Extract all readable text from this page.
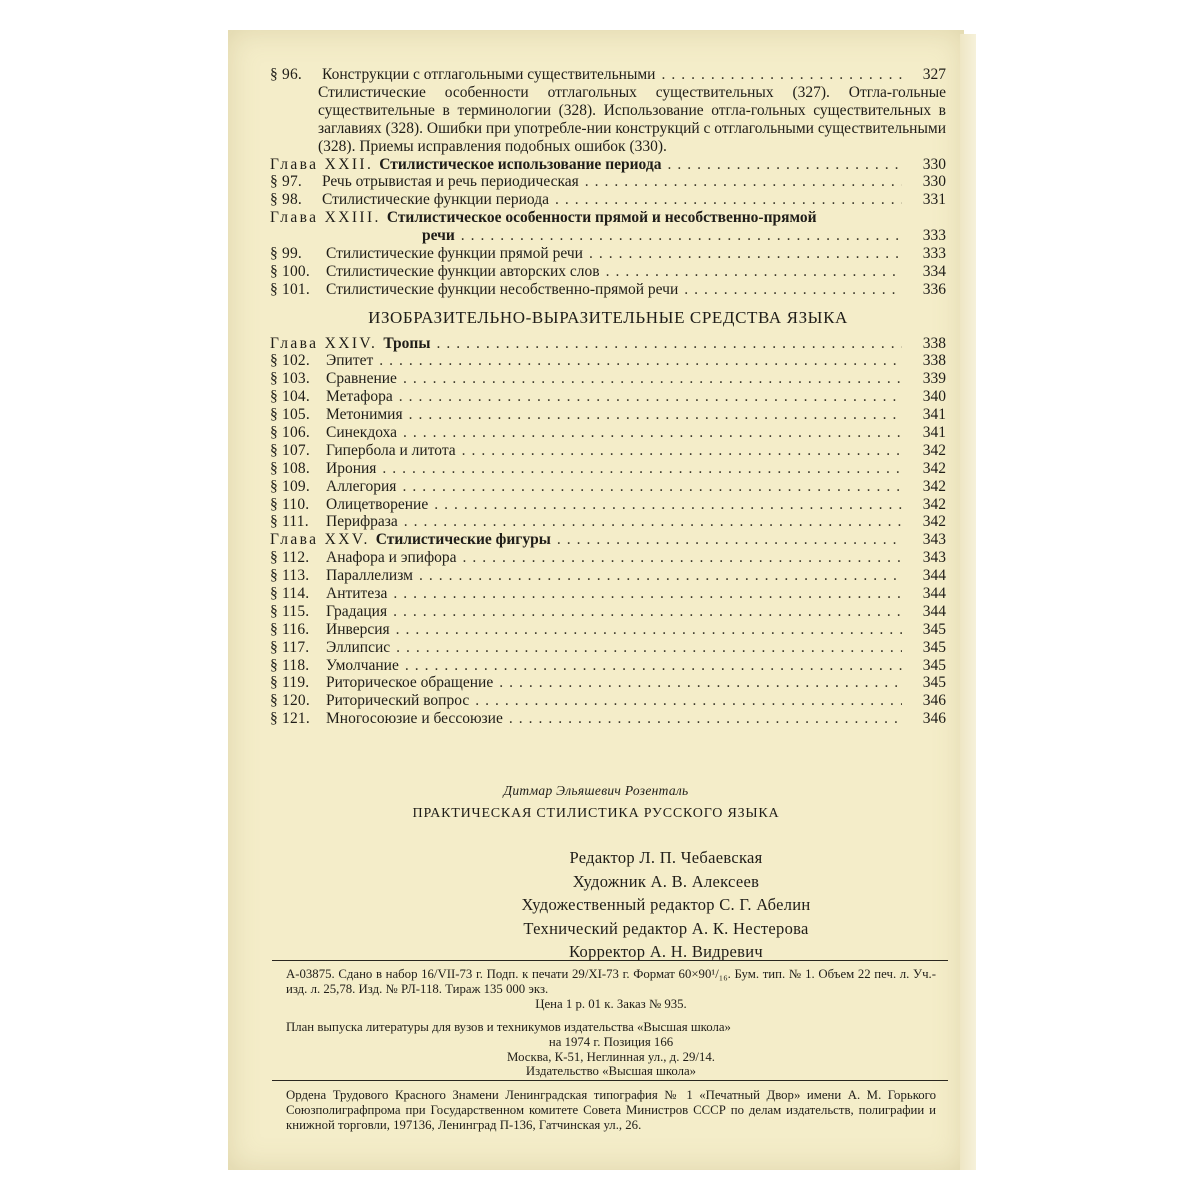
§ 96.	Конструкции с отглагольными существительными .....	327
Стилистические особенности отглагольных существительных (327). Отгла-гольные существительные в терминологии (328). Использование отгла-гольных существительных в заглавиях (328). Ошибки при употребле-нии конструкций с отглагольными существительными (328). Приемы исправления подобных ошибок (330).
Глава XXII. Стилистическое использование периода .....	330
§ 97.	Речь отрывистая и речь периодическая .....	330
§ 98.	Стилистические функции периода .....	331
Глава XXIII. Стилистическое особенности прямой и несобственно-прямой
речи .....	333
§ 99.	Стилистические функции прямой речи .....	333
§ 100.	Стилистические функции авторских слов .....	334
§ 101.	Стилистические функции несобственно-прямой речи .....	336
ИЗОБРАЗИТЕЛЬНО-ВЫРАЗИТЕЛЬНЫЕ СРЕДСТВА ЯЗЫКА
Глава XXIV. Тропы .....	338
§ 102.	Эпитет .....	338
§ 103.	Сравнение .....	339
§ 104.	Метафора .....	340
§ 105.	Метонимия .....	341
§ 106.	Синекдоха .....	341
§ 107.	Гипербола и литота .....	342
§ 108.	Ирония .....	342
§ 109.	Аллегория .....	342
§ 110.	Олицетворение .....	342
§ 111.	Перифраза .....	342
Глава XXV. Стилистические фигуры .....	343
§ 112.	Анафора и эпифора .....	343
§ 113.	Параллелизм .....	344
§ 114.	Антитеза .....	344
§ 115.	Градация .....	344
§ 116.	Инверсия .....	345
§ 117.	Эллипсис .....	345
§ 118.	Умолчание .....	345
§ 119.	Риторическое обращение .....	345
§ 120.	Риторический вопрос .....	346
§ 121.	Многосоюзие и бессоюзие .....	346
Дитмар Эльяшевич Розенталь
ПРАКТИЧЕСКАЯ СТИЛИСТИКА РУССКОГО ЯЗЫКА
Редактор Л. П. Чебаевская
Художник А. В. Алексеев
Художественный редактор С. Г. Абелин
Технический редактор А. К. Нестерова
Корректор А. Н. Видревич
А-03875. Сдано в набор 16/VII-73 г. Подп. к печати 29/XI-73 г. Формат 60×90¹/₁₆. Бум. тип. № 1. Объем 22 печ. л. Уч.-изд. л. 25,78. Изд. № РЛ-118. Тираж 135 000 экз.
Цена 1 р. 01 к. Заказ № 935.
План выпуска литературы для вузов и техникумов издательства «Высшая школа»
на 1974 г. Позиция 166
Москва, К-51, Неглинная ул., д. 29/14.
Издательство «Высшая школа»
Ордена Трудового Красного Знамени Ленинградская типография № 1 «Печатный Двор» имени А. М. Горького Союзполиграфпрома при Государственном комитете Совета Министров СССР по делам издательств, полиграфии и книжной торговли, 197136, Ленинград П-136, Гатчинская ул., 26.
